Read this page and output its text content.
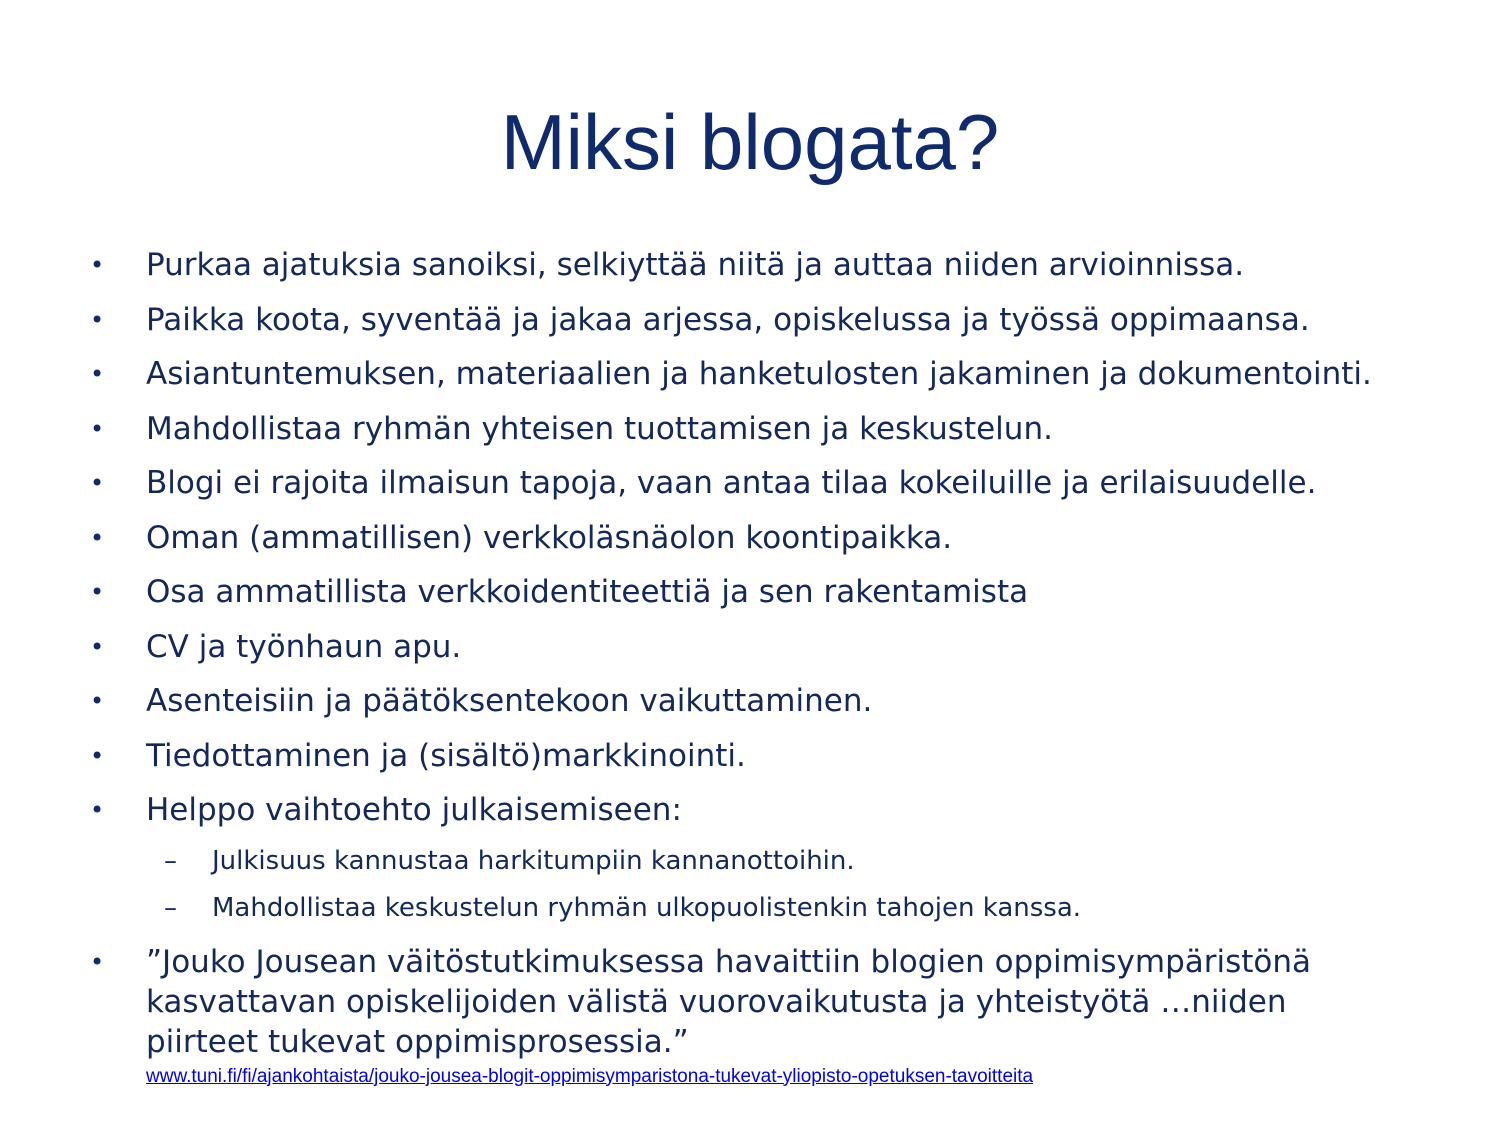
Miksi blogata?
• Purkaa ajatuksia sanoiksi, selkiyttää niitä ja auttaa niiden arvioinnissa.
• Paikka koota, syventää ja jakaa arjessa, opiskelussa ja työssä oppimaansa.
• Asiantuntemuksen, materiaalien ja hanketulosten jakaminen ja dokumentointi.
• Mahdollistaa ryhmän yhteisen tuottamisen ja keskustelun.
• Blogi ei rajoita ilmaisun tapoja, vaan antaa tilaa kokeiluille ja erilaisuudelle.
• Oman (ammatillisen) verkkoläsnäolon koontipaikka.
• Osa ammatillista verkkoidentiteettiä ja sen rakentamista
• CV ja työnhaun apu.
• Asenteisiin ja päätöksentekoon vaikuttaminen.
• Tiedottaminen ja (sisältö)markkinointi.
• Helppo vaihtoehto julkaisemiseen:
– Julkisuus kannustaa harkitumpiin kannanottoihin.
– Mahdollistaa keskustelun ryhmän ulkopuolistenkin tahojen kanssa.
• ”Jouko Jousean väitöstutkimuksessa havaittiin blogien oppimisympäristönä
kasvattavan opiskelijoiden välistä vuorovaikutusta ja yhteistyötä …niiden
piirteet tukevat oppimisprosessia.”
www.tuni.fi/fi/ajankohtaista/jouko-jousea-blogit-oppimisymparistona-tukevat-yliopisto-opetuksen-tavoitteita
